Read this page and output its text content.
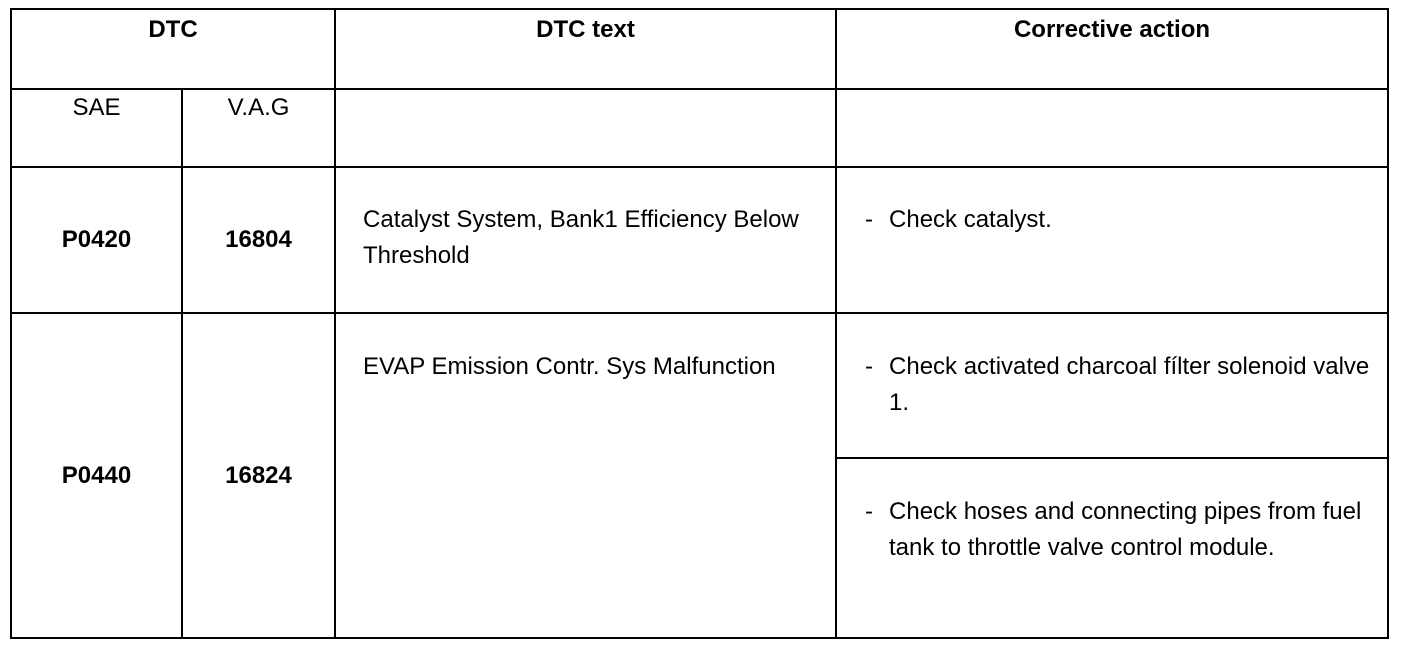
DTC		DTC text	Corrective action
SAE	V.A.G		
P0420	16804	Catalyst System, Bank1 Efficiency Below Threshold	- Check catalyst.

P0440	16824	EVAP Emission Contr. Sys Malfunction	- Check activated charcoal fílter solenoid valve 1.

			- Check hoses and connecting pipes from fuel tank to throttle valve control module.
